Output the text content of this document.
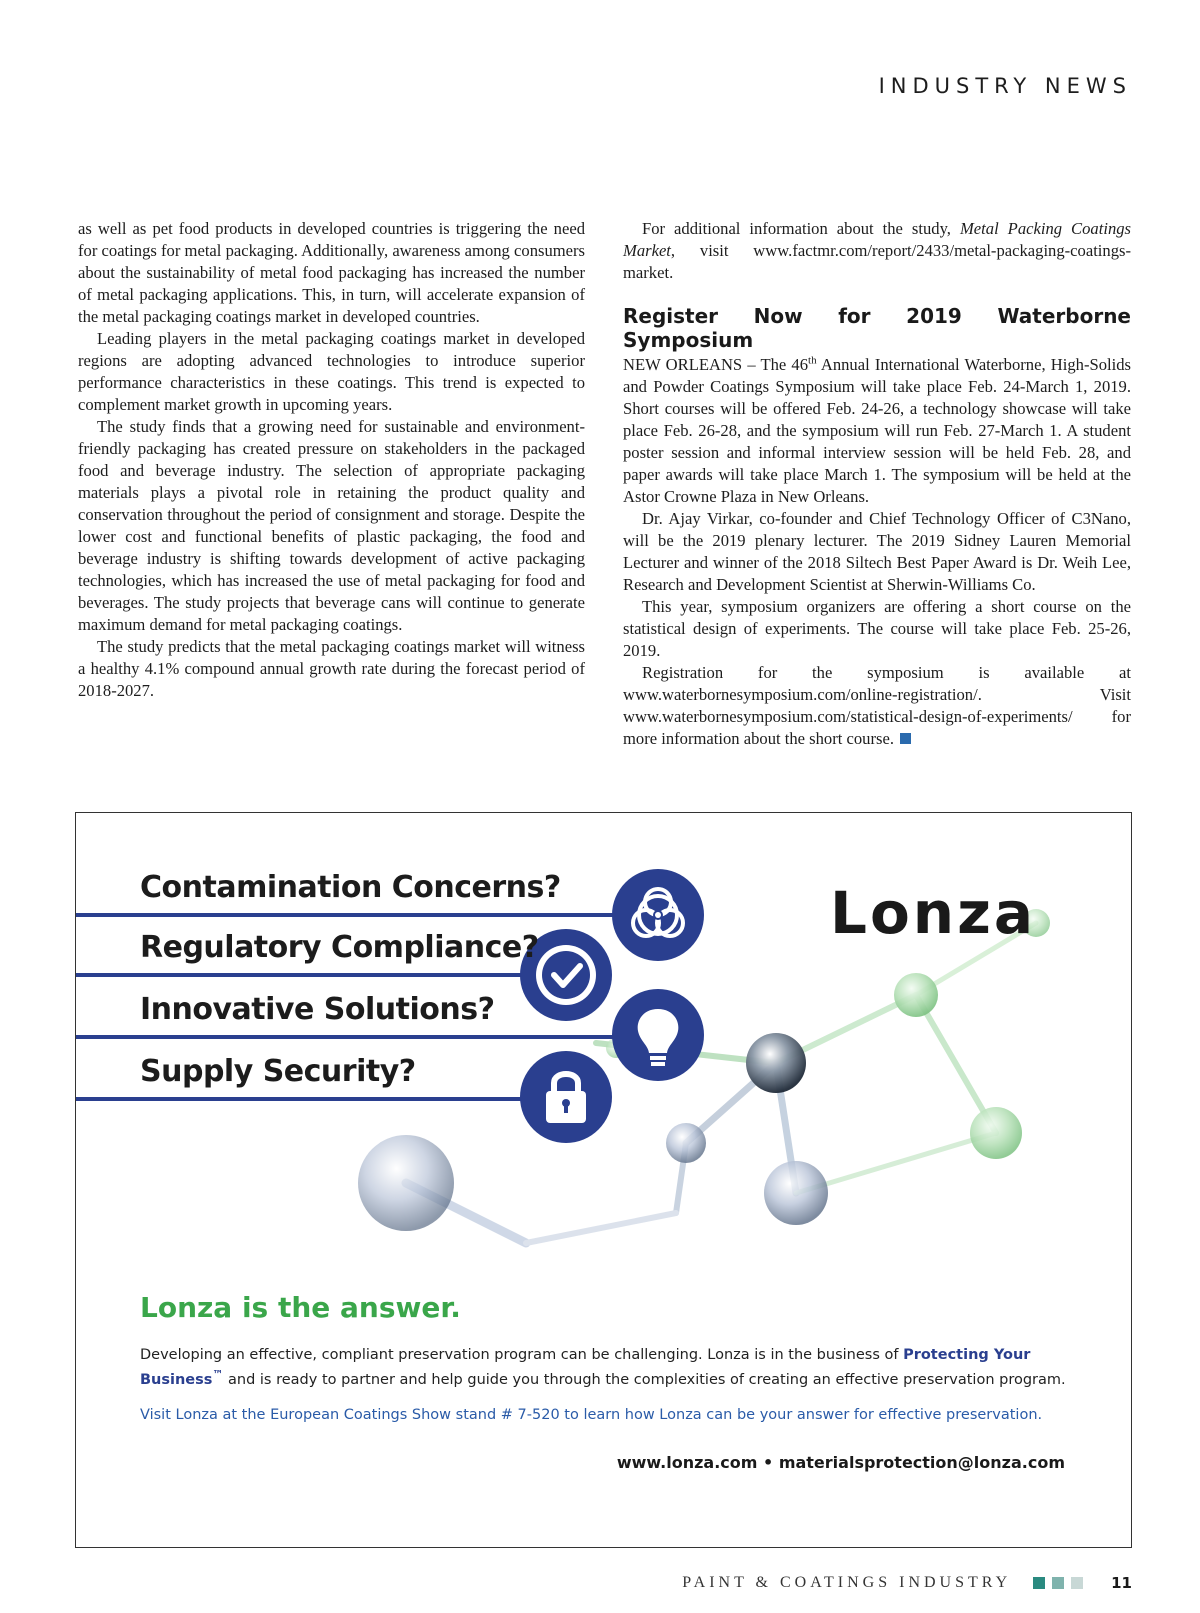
INDUSTRY NEWS

as well as pet food products in developed countries is triggering the need for coatings for metal packaging. Additionally, awareness among consumers about the sustainability of metal food packaging has increased the number of metal packaging applications. This, in turn, will accelerate expansion of the metal packaging coatings market in developed countries.

Leading players in the metal packaging coatings market in developed regions are adopting advanced technologies to introduce superior performance characteristics in these coatings. This trend is expected to complement market growth in upcoming years.

The study finds that a growing need for sustainable and environment-friendly packaging has created pressure on stakeholders in the packaged food and beverage industry. The selection of appropriate packaging materials plays a pivotal role in retaining the product quality and conservation throughout the period of consignment and storage. Despite the lower cost and functional benefits of plastic packaging, the food and beverage industry is shifting towards development of active packaging technologies, which has increased the use of metal packaging for food and beverages. The study projects that beverage cans will continue to generate maximum demand for metal packaging coatings.

The study predicts that the metal packaging coatings market will witness a healthy 4.1% compound annual growth rate during the forecast period of 2018-2027.

For additional information about the study, Metal Packing Coatings Market, visit www.factmr.com/report/2433/metal-packaging-coatings-market.

Register Now for 2019 Waterborne Symposium

NEW ORLEANS – The 46th Annual International Waterborne, High-Solids and Powder Coatings Symposium will take place Feb. 24-March 1, 2019. Short courses will be offered Feb. 24-26, a technology showcase will take place Feb. 26-28, and the symposium will run Feb. 27-March 1. A student poster session and informal interview session will be held Feb. 28, and paper awards will take place March 1. The symposium will be held at the Astor Crowne Plaza in New Orleans.

Dr. Ajay Virkar, co-founder and Chief Technology Officer of C3Nano, will be the 2019 plenary lecturer. The 2019 Sidney Lauren Memorial Lecturer and winner of the 2018 Siltech Best Paper Award is Dr. Weih Lee, Research and Development Scientist at Sherwin-Williams Co.

This year, symposium organizers are offering a short course on the statistical design of experiments. The course will take place Feb. 25-26, 2019.

Registration for the symposium is available at www.waterbornesymposium.com/online-registration/. Visit www.waterbornesymposium.com/statistical-design-of-experiments/ for more information about the short course.

Lonza
Contamination Concerns?
Regulatory Compliance?
Innovative Solutions?
Supply Security?
Lonza is the answer.
Developing an effective, compliant preservation program can be challenging. Lonza is in the business of Protecting Your Business™ and is ready to partner and help guide you through the complexities of creating an effective preservation program.
Visit Lonza at the European Coatings Show stand # 7-520 to learn how Lonza can be your answer for effective preservation.
www.lonza.com • materialsprotection@lonza.com
PAINT & COATINGS INDUSTRY	11
